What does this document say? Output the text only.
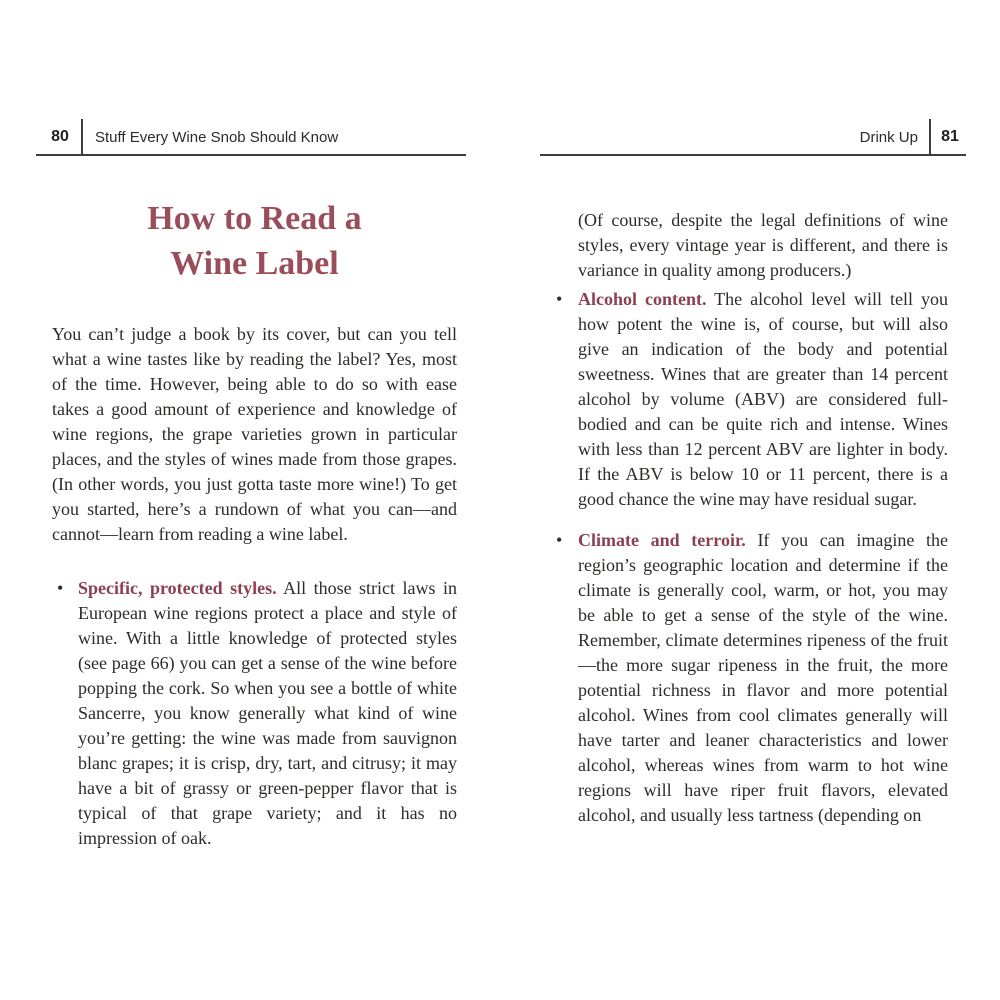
80	Stuff Every Wine Snob Should Know	Drink Up	81
How to Read a
Wine Label

You can’t judge a book by its cover, but can you tell what a wine tastes like by reading the label? Yes, most of the time. However, being able to do so with ease takes a good amount of experience and knowledge of wine regions, the grape varieties grown in particular places, and the styles of wines made from those grapes. (In other words, you just gotta taste more wine!) To get you started, here’s a rundown of what you can—and cannot—learn from reading a wine label.

• Specific, protected styles. All those strict laws in European wine regions protect a place and style of wine. With a little knowledge of protected styles (see page 66) you can get a sense of the wine before popping the cork. So when you see a bottle of white Sancerre, you know generally what kind of wine you’re getting: the wine was made from sauvignon blanc grapes; it is crisp, dry, tart, and citrusy; it may have a bit of grassy or green-pepper flavor that is typical of that grape variety; and it has no impression of oak.

(Of course, despite the legal definitions of wine styles, every vintage year is different, and there is variance in quality among producers.)

• Alcohol content. The alcohol level will tell you how potent the wine is, of course, but will also give an indication of the body and potential sweetness. Wines that are greater than 14 percent alcohol by volume (ABV) are considered full-bodied and can be quite rich and intense. Wines with less than 12 percent ABV are lighter in body. If the ABV is below 10 or 11 percent, there is a good chance the wine may have residual sugar.
• Climate and terroir. If you can imagine the region’s geographic location and determine if the climate is generally cool, warm, or hot, you may be able to get a sense of the style of the wine. Remember, climate determines ripeness of the fruit—the more sugar ripeness in the fruit, the more potential richness in flavor and more potential alcohol. Wines from cool climates generally will have tarter and leaner characteristics and lower alcohol, whereas wines from warm to hot wine regions will have riper fruit flavors, elevated alcohol, and usually less tartness (depending on
